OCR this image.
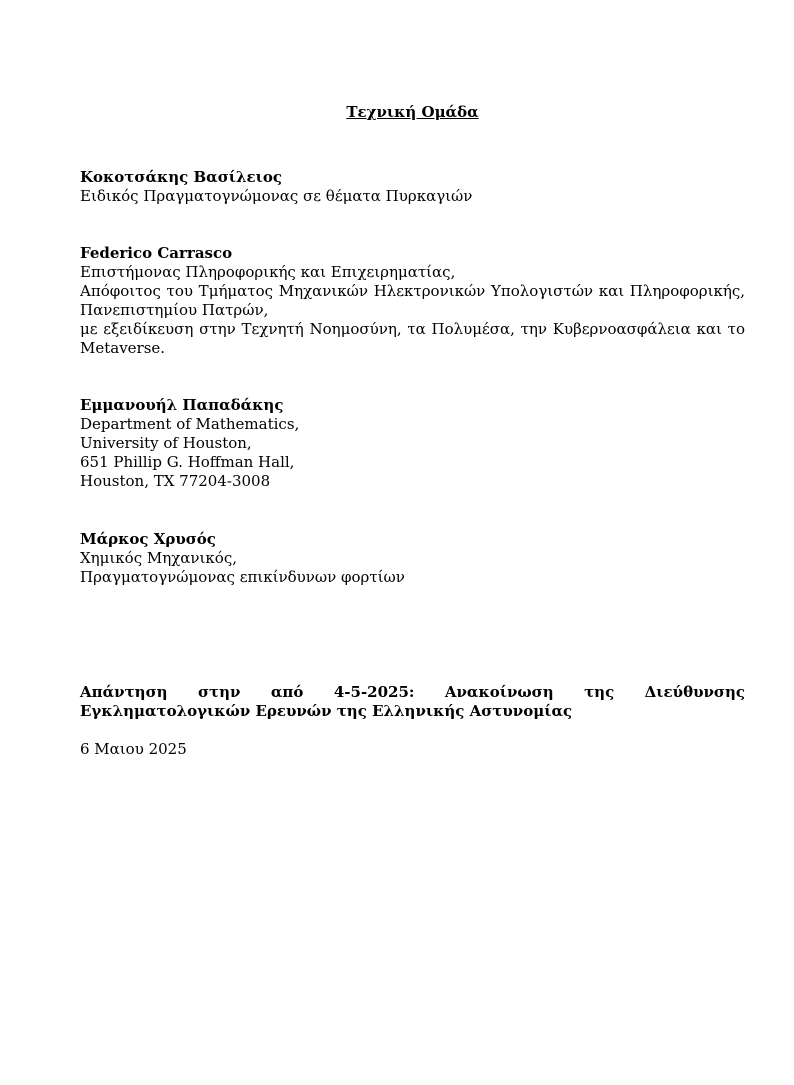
Τεχνική Ομάδα
Κοκοτσάκης Βασίλειος
Ειδικός Πραγματογνώμονας σε θέματα Πυρκαγιών
Federico Carrasco
Επιστήμονας Πληροφορικής και Επιχειρηματίας,
Απόφοιτος του Τμήματος Μηχανικών Ηλεκτρονικών Υπολογιστών και Πληροφορικής, Πανεπιστημίου Πατρών,
με εξειδίκευση στην Τεχνητή Νοημοσύνη, τα Πολυμέσα, την Κυβερνοασφάλεια και το Metaverse.
Εμμανουήλ Παπαδάκης
Department of Mathematics,
University of Houston,
651 Phillip G. Hoffman Hall,
Houston, TX 77204-3008
Μάρκος Χρυσός
Χημικός Μηχανικός,
Πραγματογνώμονας επικίνδυνων φορτίων
Απάντηση στην από 4-5-2025: Ανακοίνωση της Διεύθυνσης Εγκληματολογικών Ερευνών της Ελληνικής Αστυνομίας
6 Μαιου 2025
